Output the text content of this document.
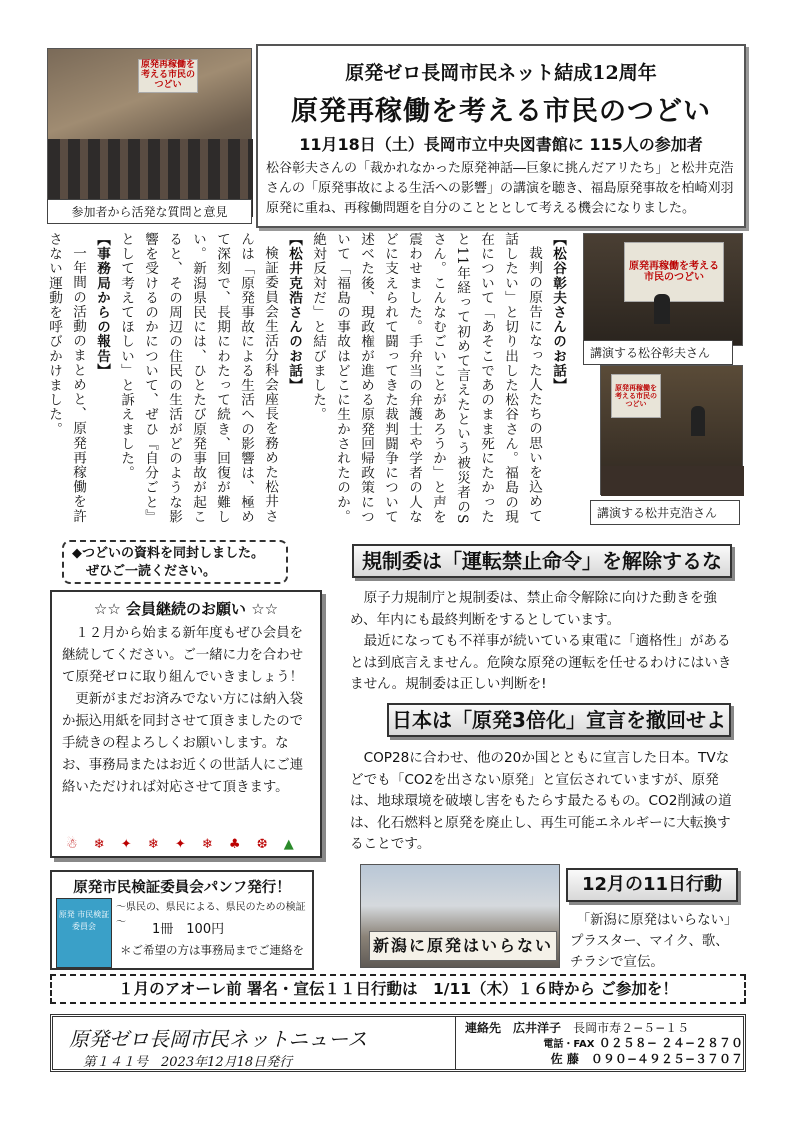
原発再稼働を考える市民のつどい
参加者から活発な質問と意見
原発ゼロ長岡市民ネット結成12周年
原発再稼働を考える市民のつどい
11月18日（土）長岡市立中央図書館に 115人の参加者
松谷彰夫さんの「裁かれなかった原発神話―巨象に挑んだアリたち」と松井克浩さんの「原発事故による生活への影響」の講演を聴き、福島原発事故を柏崎刈羽原発に重ね、再稼働問題を自分のことととして考える機会になりました。
【松谷彰夫さんのお話】

裁判の原告になった人たちの思いを込めて話したい」と切り出した松谷さん。福島の現在について「あそこであのまま死にたかったと11年経って初めて言えたという被災者のSさん。こんなむごいことがあろうか」と声を震わせました。手弁当の弁護士や学者の人などに支えられて闘ってきた裁判闘争について述べた後、現政権が進める原発回帰政策について「福島の事故はどこに生かされたのか。絶対反対だ」と結びました。

【松井克浩さんのお話】

検証委員会生活分科会座長を務めた松井さんは「原発事故による生活への影響は、極めて深刻で、長期にわたって続き、回復が難しい。新潟県民には、ひとたび原発事故が起こると、その周辺の住民の生活がどのような影響を受けるのかについて、ぜひ『自分ごと』として考えてほしい」と訴えました。

【事務局からの報告】

一年間の活動のまとめと、原発再稼働を許さない運動を呼びかけました。	原発再稼働を考える市民のつどい
講演する松谷彰夫さん
原発再稼働を考える市民のつどい
講演する松井克浩さん
◆つどいの資料を同封しました。
ぜひご一読ください。
☆☆ 会員継続のお願い ☆☆
１２月から始まる新年度もぜひ会員を継続してください。ご一緒に力を合わせて原発ゼロに取り組んでいきましょう！
更新がまだお済みでない方には納入袋か振込用紙を同封させて頂きましたので手続きの程よろしくお願いします。なお、事務局またはお近くの世話人にご連絡いただければ対応させて頂きます。
☃ ❄ ✦ ❄ ✦ ❄ ♣ ❆ ▲
原発市民検証委員会パンフ発行！
原発 市民検証 委員会
～県民の、県民による、県民のための検証～	1冊　100円
＊ご希望の方は事務局までご連絡を
規制委は「運転禁止命令」を解除するな
原子力規制庁と規制委は、禁止命令解除に向けた動きを強め、年内にも最終判断をするとしています。
最近になっても不祥事が続いている東電に「適格性」があるとは到底言えません。危険な原発の運転を任せるわけにはいきません。規制委は正しい判断を!
日本は「原発3倍化」宣言を撤回せよ
COP28に合わせ、他の20か国とともに宣言した日本。TVなどでも「CO2を出さない原発」と宣伝されていますが、原発は、地球環境を破壊し害をもたらす最たるもの。CO2削減の道は、化石燃料と原発を廃止し、再生可能エネルギーに大転換することです。
新潟に原発はいらない
12月の11日行動
「新潟に原発はいらない」プラスター、マイク、歌、チラシで宣伝。
１月のアオーレ前 署名・宣伝１１日行動は　1/11（木）１６時から ご参加を！
原発ゼロ長岡市民ネットニュース
第１４１号　2023年12月18日発行
連絡先　 広井洋子　 長岡市寿２−５−１５
電話・FAX ０２５８− ２４−２８７０
佐 藤　 ０９０−４９２５−３７０７
